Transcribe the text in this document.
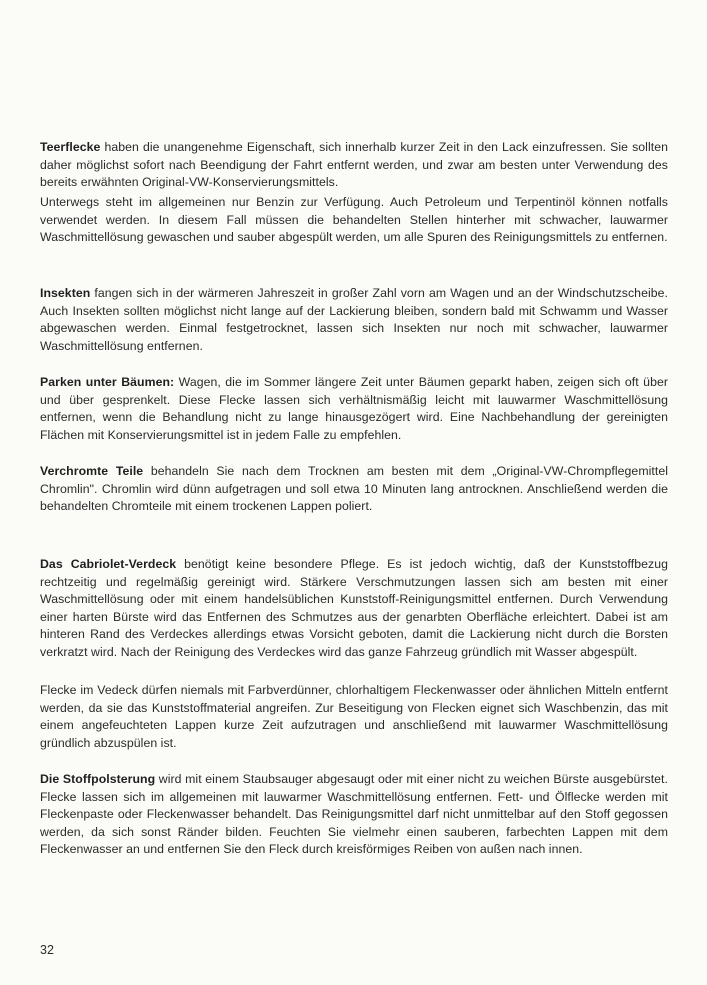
Teerflecke haben die unangenehme Eigenschaft, sich innerhalb kurzer Zeit in den Lack einzufressen. Sie sollten daher möglichst sofort nach Beendigung der Fahrt entfernt werden, und zwar am besten unter Verwendung des bereits erwähnten Original-VW-Konservierungsmittels.

Unterwegs steht im allgemeinen nur Benzin zur Verfügung. Auch Petroleum und Terpentinöl können notfalls verwendet werden. In diesem Fall müssen die behandelten Stellen hinterher mit schwacher, lauwarmer Waschmittellösung gewaschen und sauber abgespült werden, um alle Spuren des Reinigungsmittels zu entfernen.

Insekten fangen sich in der wärmeren Jahreszeit in großer Zahl vorn am Wagen und an der Windschutzscheibe. Auch Insekten sollten möglichst nicht lange auf der Lackierung bleiben, sondern bald mit Schwamm und Wasser abgewaschen werden. Einmal festgetrocknet, lassen sich Insekten nur noch mit schwacher, lauwarmer Waschmittellösung entfernen.

Parken unter Bäumen: Wagen, die im Sommer längere Zeit unter Bäumen geparkt haben, zeigen sich oft über und über gesprenkelt. Diese Flecke lassen sich verhältnismäßig leicht mit lauwarmer Waschmittellösung entfernen, wenn die Behandlung nicht zu lange hinausgezögert wird. Eine Nachbehandlung der gereinigten Flächen mit Konservierungsmittel ist in jedem Falle zu empfehlen.

Verchromte Teile behandeln Sie nach dem Trocknen am besten mit dem „Original-VW-Chrompflegemittel Chromlin". Chromlin wird dünn aufgetragen und soll etwa 10 Minuten lang antrocknen. Anschließend werden die behandelten Chromteile mit einem trockenen Lappen poliert.

Das Cabriolet-Verdeck benötigt keine besondere Pflege. Es ist jedoch wichtig, daß der Kunststoffbezug rechtzeitig und regelmäßig gereinigt wird. Stärkere Verschmutzungen lassen sich am besten mit einer Waschmittellösung oder mit einem handelsüblichen Kunststoff-Reinigungsmittel entfernen. Durch Verwendung einer harten Bürste wird das Entfernen des Schmutzes aus der genarbten Oberfläche erleichtert. Dabei ist am hinteren Rand des Verdeckes allerdings etwas Vorsicht geboten, damit die Lackierung nicht durch die Borsten verkratzt wird. Nach der Reinigung des Verdeckes wird das ganze Fahrzeug gründlich mit Wasser abgespült.

Flecke im Vedeck dürfen niemals mit Farbverdünner, chlorhaltigem Fleckenwasser oder ähnlichen Mitteln entfernt werden, da sie das Kunststoffmaterial angreifen. Zur Beseitigung von Flecken eignet sich Waschbenzin, das mit einem angefeuchteten Lappen kurze Zeit aufzutragen und anschließend mit lauwarmer Waschmittellösung gründlich abzuspülen ist.

Die Stoffpolsterung wird mit einem Staubsauger abgesaugt oder mit einer nicht zu weichen Bürste ausgebürstet. Flecke lassen sich im allgemeinen mit lauwarmer Waschmittellösung entfernen. Fett- und Ölflecke werden mit Fleckenpaste oder Fleckenwasser behandelt. Das Reinigungsmittel darf nicht unmittelbar auf den Stoff gegossen werden, da sich sonst Ränder bilden. Feuchten Sie vielmehr einen sauberen, farbechten Lappen mit dem Fleckenwasser an und entfernen Sie den Fleck durch kreisförmiges Reiben von außen nach innen.

32
